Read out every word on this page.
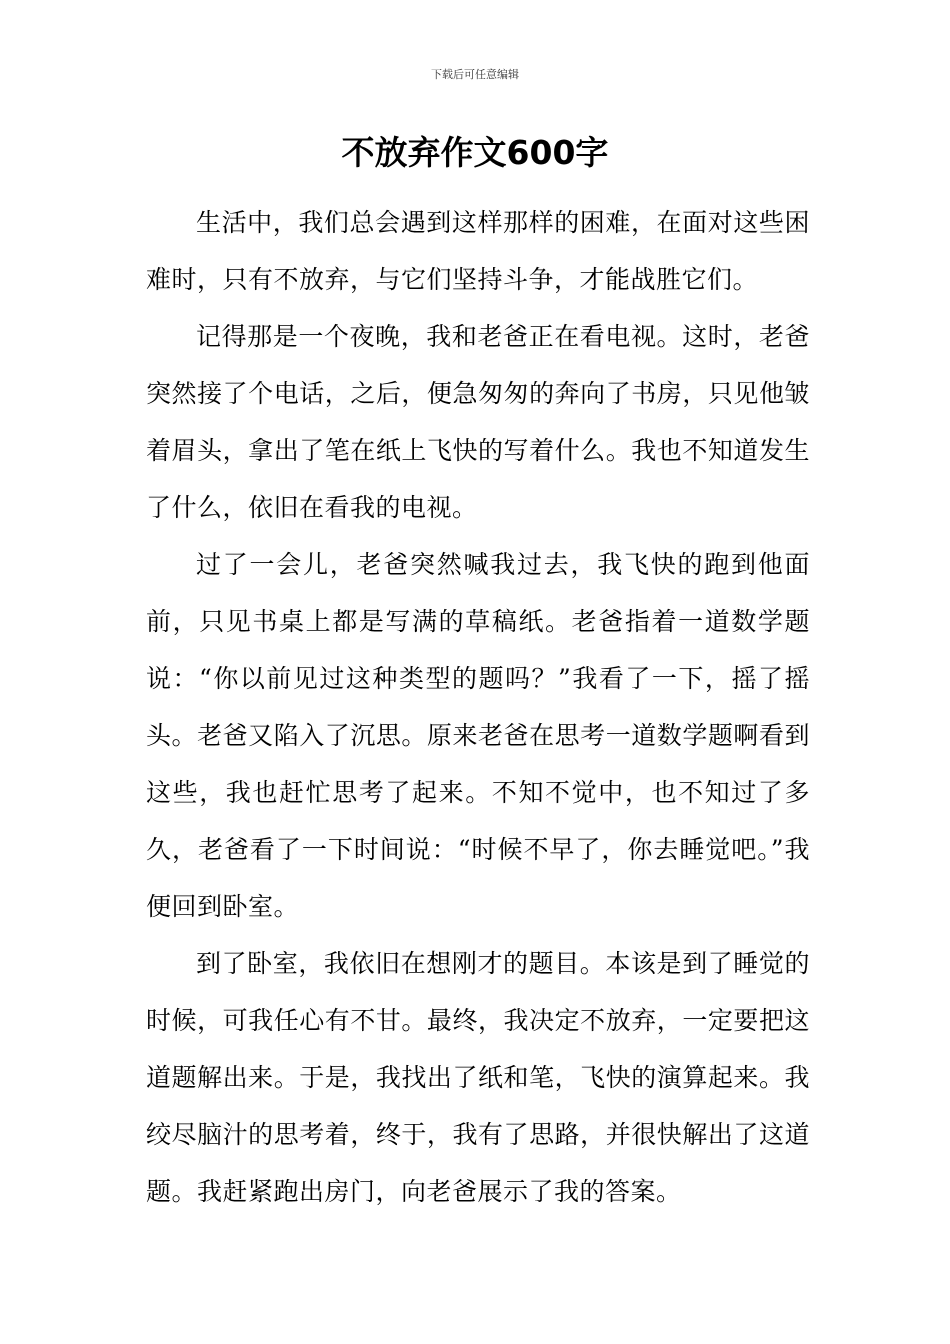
下载后可任意编辑
不放弃作文600字

生活中，我们总会遇到这样那样的困难，在面对这些困难时，只有不放弃，与它们坚持斗争，才能战胜它们。

记得那是一个夜晚，我和老爸正在看电视。这时，老爸突然接了个电话，之后，便急匆匆的奔向了书房，只见他皱着眉头，拿出了笔在纸上飞快的写着什么。我也不知道发生了什么，依旧在看我的电视。

过了一会儿，老爸突然喊我过去，我飞快的跑到他面前，只见书桌上都是写满的草稿纸。老爸指着一道数学题说：“你以前见过这种类型的题吗？”我看了一下，摇了摇头。老爸又陷入了沉思。原来老爸在思考一道数学题啊看到这些，我也赶忙思考了起来。不知不觉中，也不知过了多久，老爸看了一下时间说：“时候不早了，你去睡觉吧。”我便回到卧室。

到了卧室，我依旧在想刚才的题目。本该是到了睡觉的时候，可我任心有不甘。最终，我决定不放弃，一定要把这道题解出来。于是，我找出了纸和笔，飞快的演算起来。我绞尽脑汁的思考着，终于，我有了思路，并很快解出了这道题。我赶紧跑出房门，向老爸展示了我的答案。
